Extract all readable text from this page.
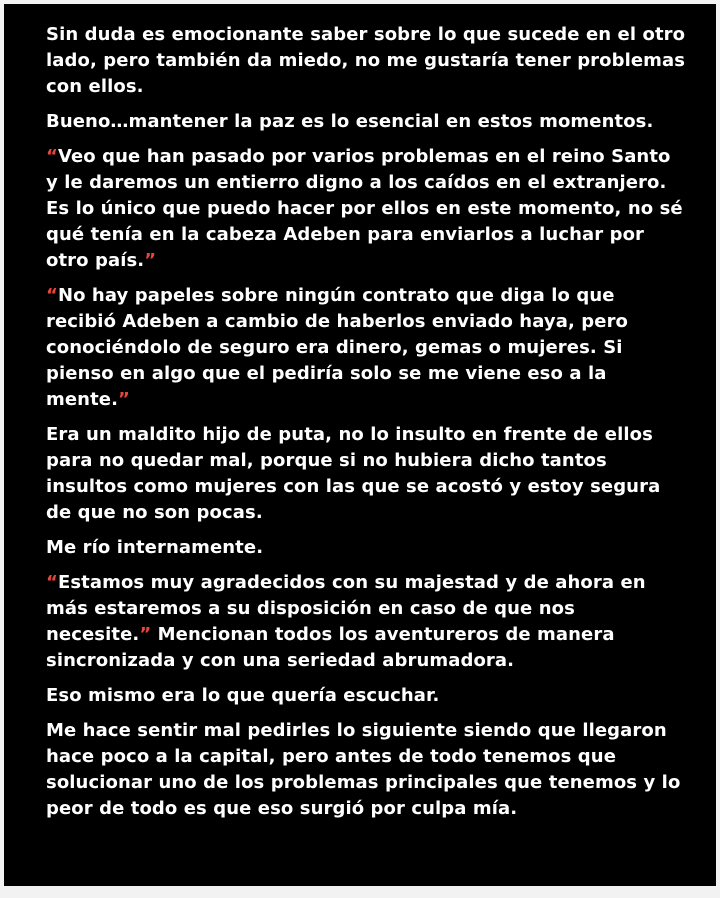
Sin duda es emocionante saber sobre lo que sucede en el otro lado, pero también da miedo, no me gustaría tener problemas con ellos.

Bueno…mantener la paz es lo esencial en estos momentos.

“Veo que han pasado por varios problemas en el reino Santo y le daremos un entierro digno a los caídos en el extranjero. Es lo único que puedo hacer por ellos en este momento, no sé qué tenía en la cabeza Adeben para enviarlos a luchar por otro país.”

“No hay papeles sobre ningún contrato que diga lo que recibió Adeben a cambio de haberlos enviado haya, pero conociéndolo de seguro era dinero, gemas o mujeres. Si pienso en algo que el pediría solo se me viene eso a la mente.”

Era un maldito hijo de puta, no lo insulto en frente de ellos para no quedar mal, porque si no hubiera dicho tantos insultos como mujeres con las que se acostó y estoy segura de que no son pocas.

Me río internamente.

“Estamos muy agradecidos con su majestad y de ahora en más estaremos a su disposición en caso de que nos necesite.” Mencionan todos los aventureros de manera sincronizada y con una seriedad abrumadora.

Eso mismo era lo que quería escuchar.

Me hace sentir mal pedirles lo siguiente siendo que llegaron hace poco a la capital, pero antes de todo tenemos que solucionar uno de los problemas principales que tenemos y lo peor de todo es que eso surgió por culpa mía.
